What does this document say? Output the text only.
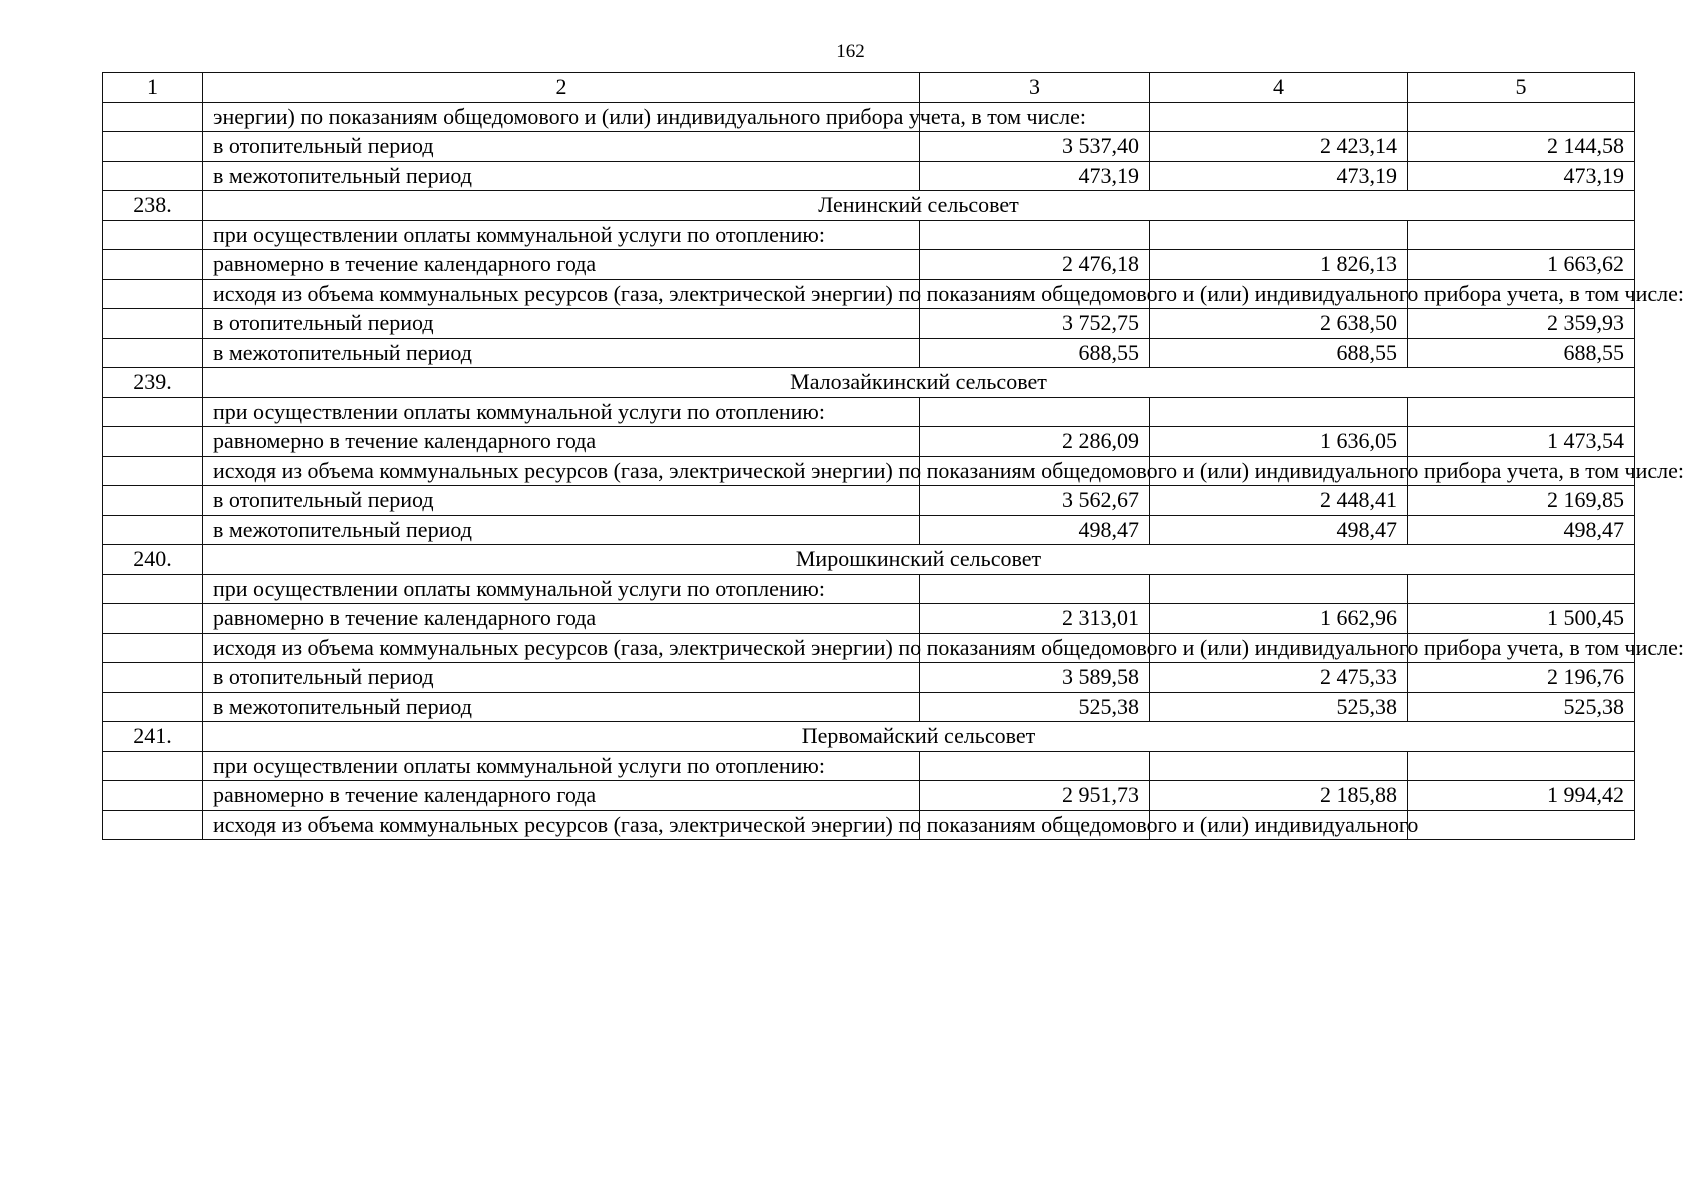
162
1	2	3	4	5
	энергии) по показаниям общедомового и (или) индивидуального прибора учета, в том числе:			
	в отопительный период	3 537,40	2 423,14	2 144,58
	в межотопительный период	473,19	473,19	473,19
238.	Ленинский сельсовет			
	при осуществлении оплаты коммунальной услуги по отоплению:			
	равномерно в течение календарного года	2 476,18	1 826,13	1 663,62
	исходя из объема коммунальных ресурсов (газа, электрической энергии) по показаниям общедомового и (или) индивидуального прибора учета, в том числе:			
	в отопительный период	3 752,75	2 638,50	2 359,93
	в межотопительный период	688,55	688,55	688,55
239.	Малозайкинский сельсовет			
	при осуществлении оплаты коммунальной услуги по отоплению:			
	равномерно в течение календарного года	2 286,09	1 636,05	1 473,54
	исходя из объема коммунальных ресурсов (газа, электрической энергии) по показаниям общедомового и (или) индивидуального прибора учета, в том числе:			
	в отопительный период	3 562,67	2 448,41	2 169,85
	в межотопительный период	498,47	498,47	498,47
240.	Мирошкинский сельсовет			
	при осуществлении оплаты коммунальной услуги по отоплению:			
	равномерно в течение календарного года	2 313,01	1 662,96	1 500,45
	исходя из объема коммунальных ресурсов (газа, электрической энергии) по показаниям общедомового и (или) индивидуального прибора учета, в том числе:			
	в отопительный период	3 589,58	2 475,33	2 196,76
	в межотопительный период	525,38	525,38	525,38
241.	Первомайский сельсовет			
	при осуществлении оплаты коммунальной услуги по отоплению:			
	равномерно в течение календарного года	2 951,73	2 185,88	1 994,42
	исходя из объема коммунальных ресурсов (газа, электрической энергии) по показаниям общедомового и (или) индивидуального			
